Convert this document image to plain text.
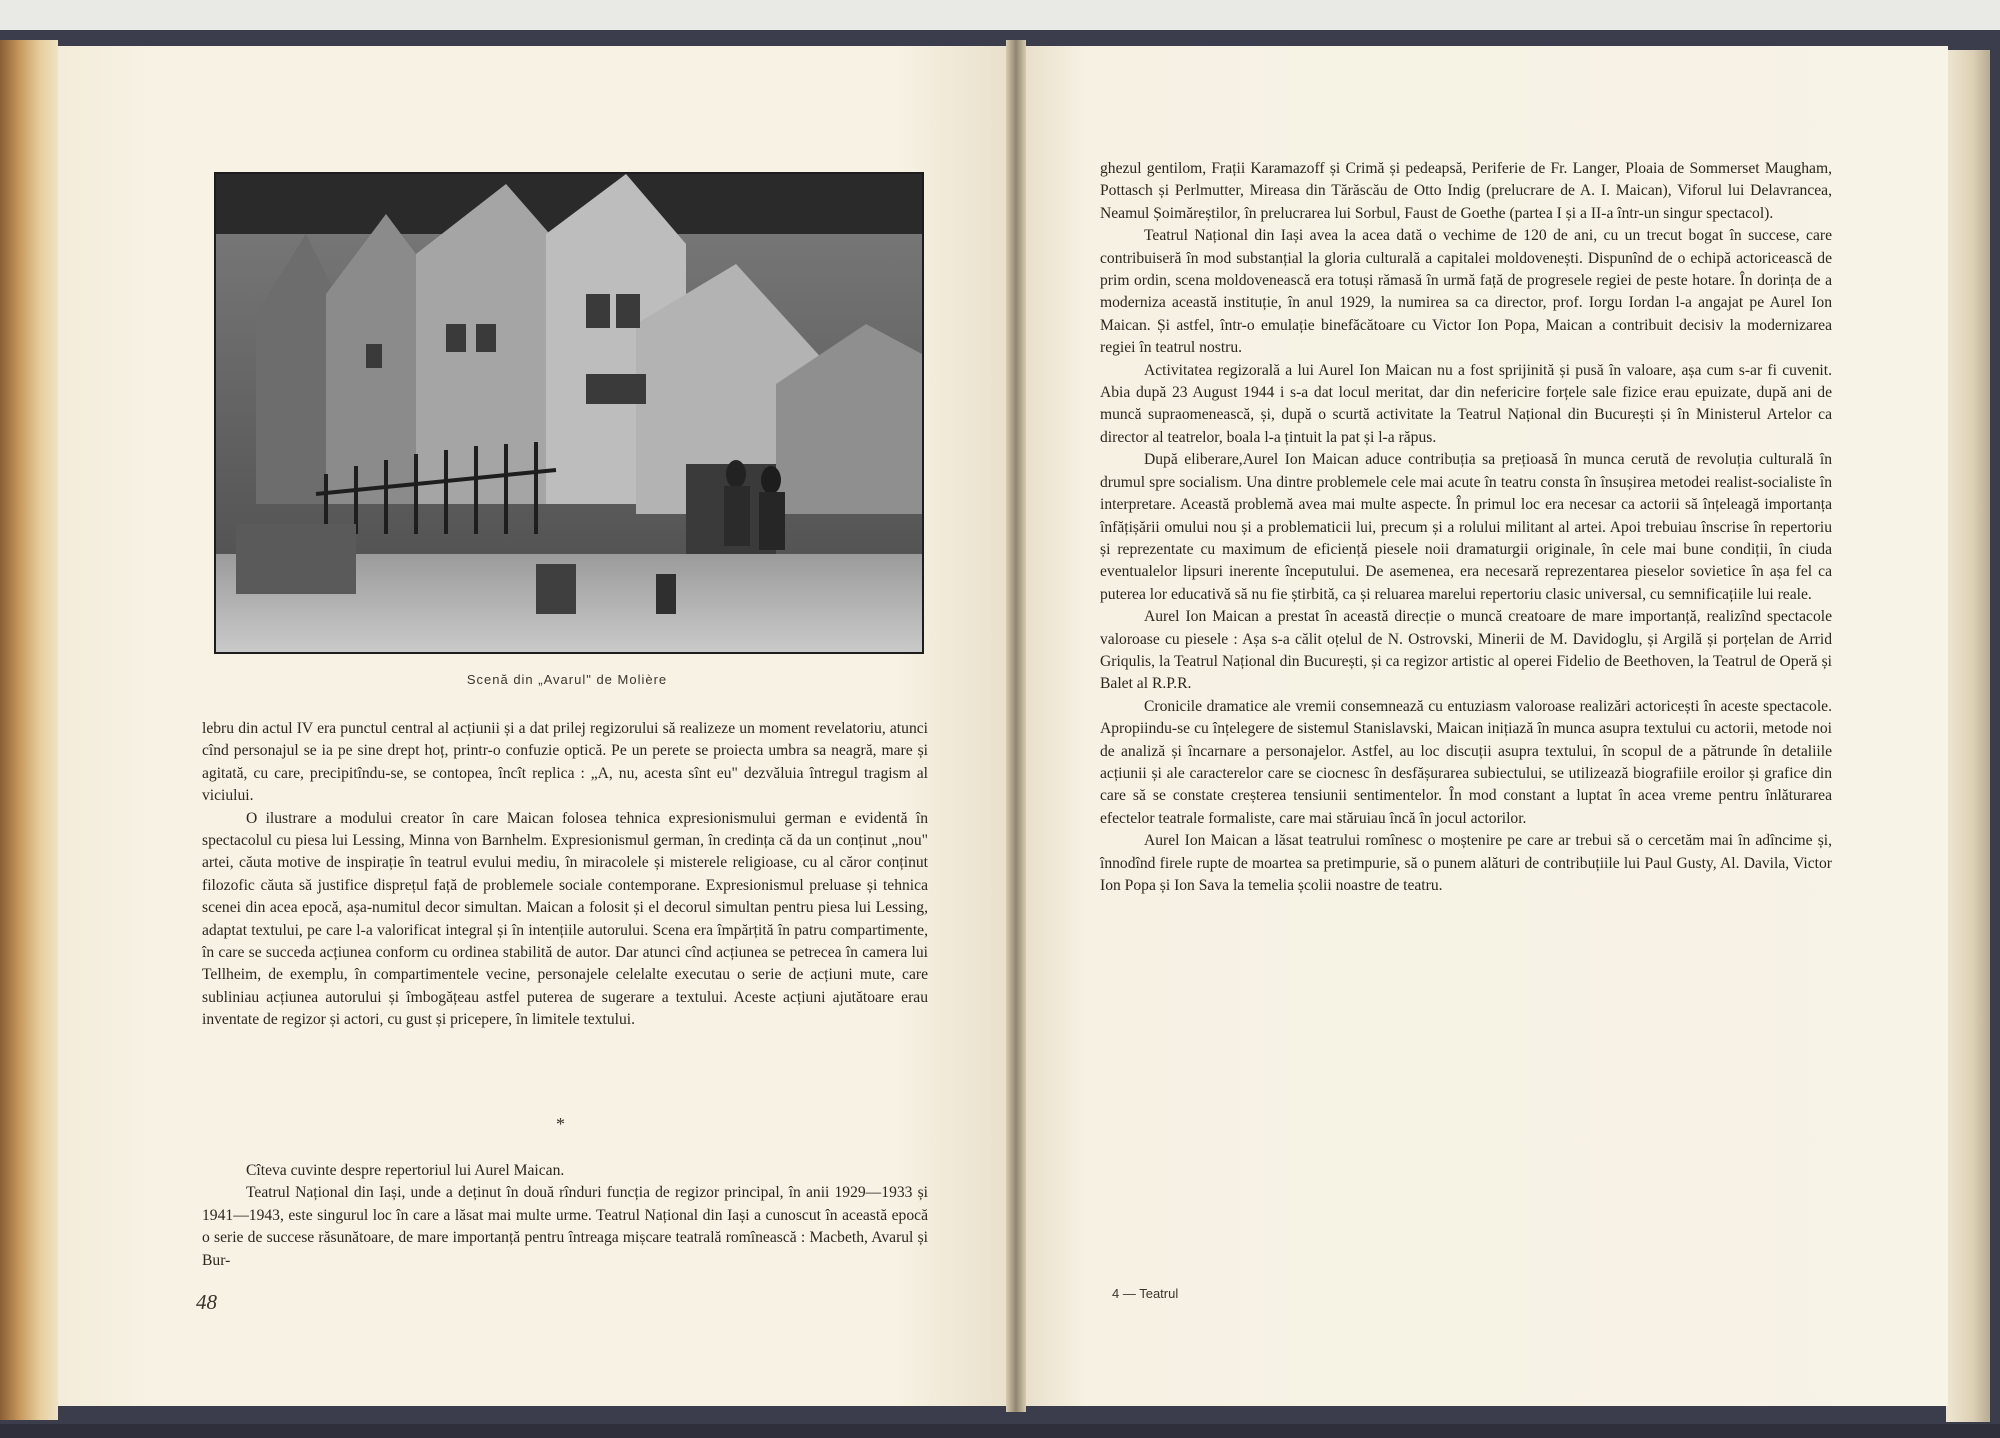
Scenă din „Avarul" de Molière

lebru din actul IV era punctul central al acțiunii și a dat prilej regizorului să realizeze un moment revelatoriu, atunci cînd personajul se ia pe sine drept hoț, printr-o confuzie optică. Pe un perete se proiecta umbra sa neagră, mare și agitată, cu care, precipitîndu-se, se contopea, încît replica : „A, nu, acesta sînt eu" dezvăluia întregul tragism al viciului.

O ilustrare a modului creator în care Maican folosea tehnica expresionismului german e evidentă în spectacolul cu piesa lui Lessing, Minna von Barnhelm. Expresionismul german, în credința că da un conținut „nou" artei, căuta motive de inspirație în teatrul evului mediu, în miracolele și misterele religioase, cu al căror conținut filozofic căuta să justifice disprețul față de problemele sociale contemporane. Expresionismul preluase și tehnica scenei din acea epocă, așa-numitul decor simultan. Maican a folosit și el decorul simultan pentru piesa lui Lessing, adaptat textului, pe care l-a valorificat integral și în intențiile autorului. Scena era împărțită în patru compartimente, în care se succeda acțiunea conform cu ordinea stabilită de autor. Dar atunci cînd acțiunea se petrecea în camera lui Tellheim, de exemplu, în compartimentele vecine, personajele celelalte executau o serie de acțiuni mute, care subliniau acțiunea autorului și îmbogățeau astfel puterea de sugerare a textului. Aceste acțiuni ajutătoare erau inventate de regizor și actori, cu gust și pricepere, în limitele textului.

*

Cîteva cuvinte despre repertoriul lui Aurel Maican.

Teatrul Național din Iași, unde a deținut în două rînduri funcția de regizor principal, în anii 1929—1933 și 1941—1943, este singurul loc în care a lăsat mai multe urme. Teatrul Național din Iași a cunoscut în această epocă o serie de succese răsunătoare, de mare importanță pentru întreaga mișcare teatrală romînească : Macbeth, Avarul și Bur-

48

ghezul gentilom, Frații Karamazoff și Crimă și pedeapsă, Periferie de Fr. Langer, Ploaia de Sommerset Maugham, Pottasch și Perlmutter, Mireasa din Tărăscău de Otto Indig (prelucrare de A. I. Maican), Viforul lui Delavrancea, Neamul Șoimăreștilor, în prelucrarea lui Sorbul, Faust de Goethe (partea I și a II-a într-un singur spectacol).

Teatrul Național din Iași avea la acea dată o vechime de 120 de ani, cu un trecut bogat în succese, care contribuiseră în mod substanțial la gloria culturală a capitalei moldovenești. Dispunînd de o echipă actoricească de prim ordin, scena moldovenească era totuși rămasă în urmă față de progresele regiei de peste hotare. În dorința de a moderniza această instituție, în anul 1929, la numirea sa ca director, prof. Iorgu Iordan l-a angajat pe Aurel Ion Maican. Și astfel, într-o emulație binefăcătoare cu Victor Ion Popa, Maican a contribuit decisiv la modernizarea regiei în teatrul nostru.

Activitatea regizorală a lui Aurel Ion Maican nu a fost sprijinită și pusă în valoare, așa cum s-ar fi cuvenit. Abia după 23 August 1944 i s-a dat locul meritat, dar din nefericire forțele sale fizice erau epuizate, după ani de muncă supraomenească, și, după o scurtă activitate la Teatrul Național din București și în Ministerul Artelor ca director al teatrelor, boala l-a țintuit la pat și l-a răpus.

După eliberare,Aurel Ion Maican aduce contribuția sa prețioasă în munca cerută de revoluția culturală în drumul spre socialism. Una dintre problemele cele mai acute în teatru consta în însușirea metodei realist-socialiste în interpretare. Această problemă avea mai multe aspecte. În primul loc era necesar ca actorii să înțeleagă importanța înfățișării omului nou și a problematicii lui, precum și a rolului militant al artei. Apoi trebuiau înscrise în repertoriu și reprezentate cu maximum de eficiență piesele noii dramaturgii originale, în cele mai bune condiții, în ciuda eventualelor lipsuri inerente începutului. De asemenea, era necesară reprezentarea pieselor sovietice în așa fel ca puterea lor educativă să nu fie știrbită, ca și reluarea marelui repertoriu clasic universal, cu semnificațiile lui reale.

Aurel Ion Maican a prestat în această direcție o muncă creatoare de mare importanță, realizînd spectacole valoroase cu piesele : Așa s-a călit oțelul de N. Ostrovski, Minerii de M. Davidoglu, și Argilă și porțelan de Arrid Griqulis, la Teatrul Național din București, și ca regizor artistic al operei Fidelio de Beethoven, la Teatrul de Operă și Balet al R.P.R.

Cronicile dramatice ale vremii consemnează cu entuziasm valoroase realizări actoricești în aceste spectacole. Apropiindu-se cu înțelegere de sistemul Stanislavski, Maican inițiază în munca asupra textului cu actorii, metode noi de analiză și încarnare a personajelor. Astfel, au loc discuții asupra textului, în scopul de a pătrunde în detaliile acțiunii și ale caracterelor care se ciocnesc în desfășurarea subiectului, se utilizează biografiile eroilor și grafice din care să se constate creșterea tensiunii sentimentelor. În mod constant a luptat în acea vreme pentru înlăturarea efectelor teatrale formaliste, care mai stăruiau încă în jocul actorilor.

Aurel Ion Maican a lăsat teatrului romînesc o moștenire pe care ar trebui să o cercetăm mai în adîncime și, înnodînd firele rupte de moartea sa pretimpurie, să o punem alături de contribuțiile lui Paul Gusty, Al. Davila, Victor Ion Popa și Ion Sava la temelia școlii noastre de teatru.

4 — Teatrul
